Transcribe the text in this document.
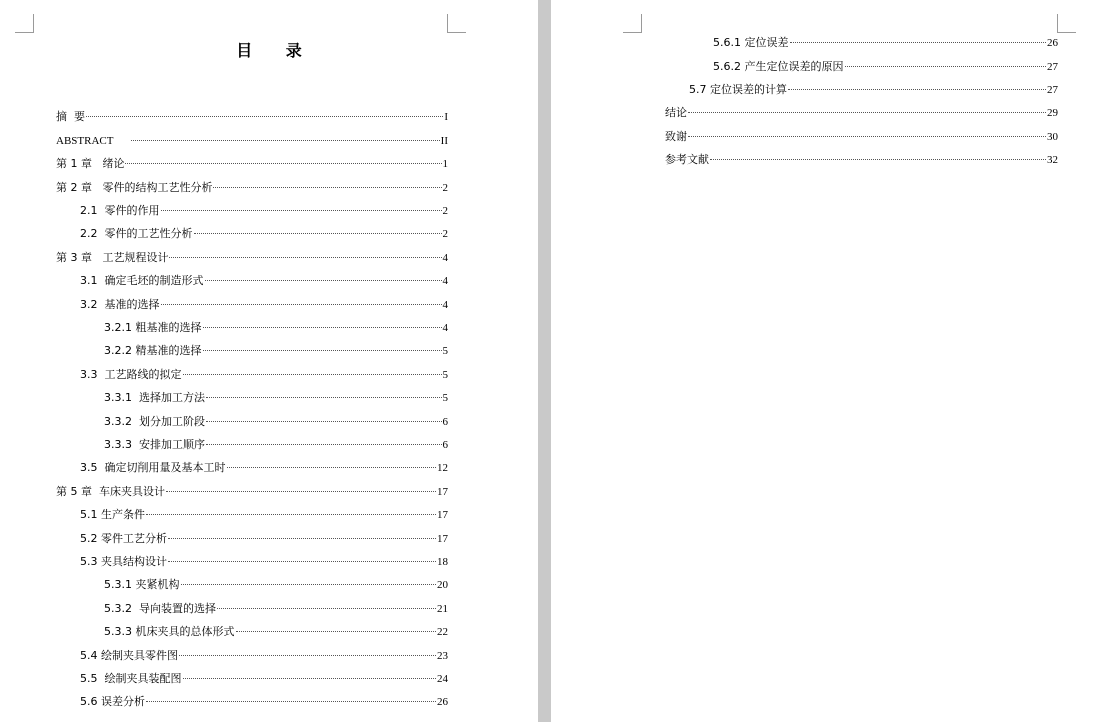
目 录
摘  要	I
ABSTRACT	II
第 1 章   绪论	1
第 2 章   零件的结构工艺性分析	2
2.1  零件的作用	2
2.2  零件的工艺性分析	2
第 3 章   工艺规程设计	4
3.1  确定毛坯的制造形式	4
3.2  基准的选择	4
3.2.1 粗基准的选择	4
3.2.2 精基准的选择	5
3.3  工艺路线的拟定	5
3.3.1  选择加工方法	5
3.3.2  划分加工阶段	6
3.3.3  安排加工顺序	6
3.5  确定切削用量及基本工时	12
第 5 章  车床夹具设计	17
5.1 生产条件	17
5.2 零件工艺分析	17
5.3 夹具结构设计	18
5.3.1 夹紧机构	20
5.3.2  导向装置的选择	21
5.3.3 机床夹具的总体形式	22
5.4 绘制夹具零件图	23
5.5  绘制夹具装配图	24
5.6 误差分析	26
5.6.1 定位误差	26
5.6.2 产生定位误差的原因	27
5.7 定位误差的计算	27
结论	29
致谢	30
参考文献	32
